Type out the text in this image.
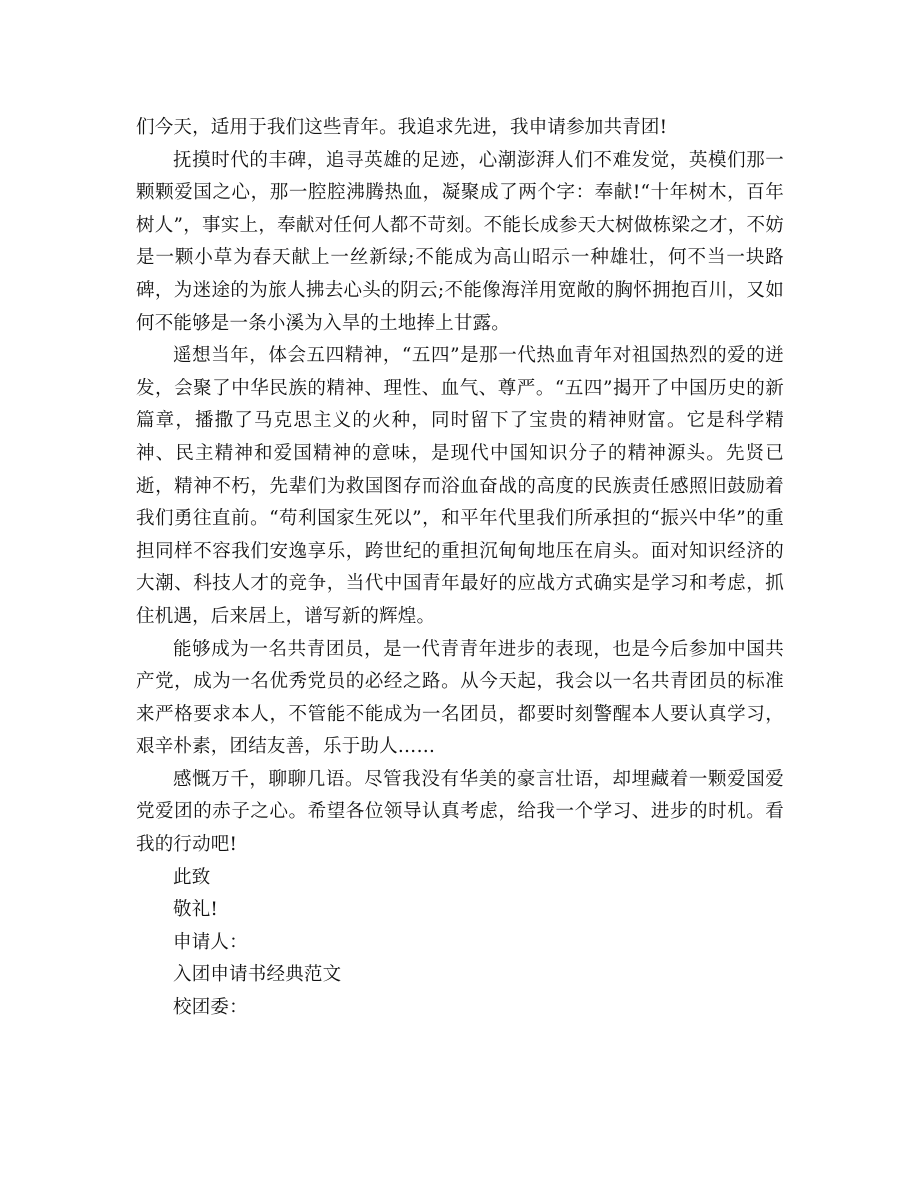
们今天，适用于我们这些青年。我追求先进，我申请参加共青团!

抚摸时代的丰碑，追寻英雄的足迹，心潮澎湃人们不难发觉，英模们那一颗颗爱国之心，那一腔腔沸腾热血，凝聚成了两个字：奉献!“十年树木，百年树人”，事实上，奉献对任何人都不苛刻。不能长成参天大树做栋梁之才，不妨是一颗小草为春天献上一丝新绿;不能成为高山昭示一种雄壮，何不当一块路碑，为迷途的为旅人拂去心头的阴云;不能像海洋用宽敞的胸怀拥抱百川，又如何不能够是一条小溪为入旱的土地捧上甘露。

遥想当年，体会五四精神，“五四”是那一代热血青年对祖国热烈的爱的迸发，会聚了中华民族的精神、理性、血气、尊严。“五四”揭开了中国历史的新篇章，播撒了马克思主义的火种，同时留下了宝贵的精神财富。它是科学精神、民主精神和爱国精神的意味，是现代中国知识分子的精神源头。先贤已逝，精神不朽，先辈们为救国图存而浴血奋战的高度的民族责任感照旧鼓励着我们勇往直前。“苟利国家生死以”，和平年代里我们所承担的“振兴中华”的重担同样不容我们安逸享乐，跨世纪的重担沉甸甸地压在肩头。面对知识经济的大潮、科技人才的竞争，当代中国青年最好的应战方式确实是学习和考虑，抓住机遇，后来居上，谱写新的辉煌。

能够成为一名共青团员，是一代青青年进步的表现，也是今后参加中国共产党，成为一名优秀党员的必经之路。从今天起，我会以一名共青团员的标准来严格要求本人，不管能不能成为一名团员，都要时刻警醒本人要认真学习，艰辛朴素，团结友善，乐于助人……

感慨万千，聊聊几语。尽管我没有华美的豪言壮语，却埋藏着一颗爱国爱党爱团的赤子之心。希望各位领导认真考虑，给我一个学习、进步的时机。看我的行动吧!

此致

敬礼!

申请人：

入团申请书经典范文

校团委：
